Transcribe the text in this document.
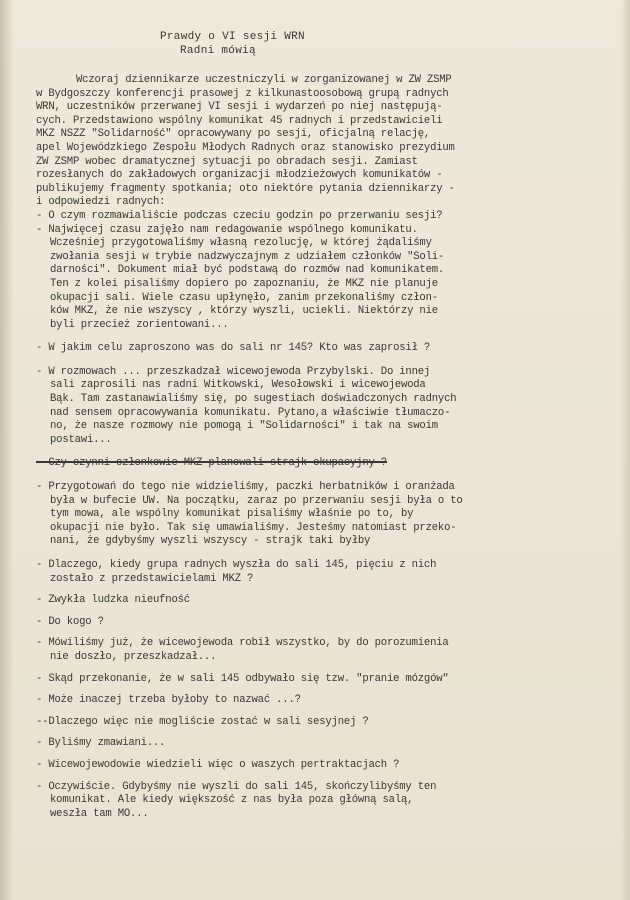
Prawdy o VI sesji WRN
Radni mówią
Wczoraj dziennikarze uczestniczyli w zorganizowanej w ZW ZSMP
w Bydgoszczy konferencji prasowej z kilkunastoosobową grupą radnych
WRN, uczestników przerwanej VI sesji i wydarzeń po niej następują-
cych. Przedstawiono wspólny komunikat 45 radnych i przedstawicieli
MKZ NSZZ "Solidarność" opracowywany po sesji, oficjalną relację,
apel Wojewódzkiego Zespołu Młodych Radnych oraz stanowisko prezydium
ZW ZSMP wobec dramatycznej sytuacji po obradach sesji. Zamiast
rozesłanych do zakładowych organizacji młodzieżowych komunikatów -
publikujemy fragmenty spotkania; oto niektóre pytania dziennikarzy -
i odpowiedzi radnych:
- O czym rozmawialiście podczas czeciu godzin po przerwaniu sesji?
- Najwięcej czasu zajęło nam redagowanie wspólnego komunikatu.
Wcześniej przygotowaliśmy własną rezolucję, w której żądaliśmy
zwołania sesji w trybie nadzwyczajnym z udziałem członków "Soli-
darności". Dokument miał być podstawą do rozmów nad komunikatem.
Ten z kolei pisaliśmy dopiero po zapoznaniu, że MKZ nie planuje
okupacji sali. Wiele czasu upłynęło, zanim przekonaliśmy człon-
ków MKZ, że nie wszyscy , którzy wyszli, uciekli. Niektórzy nie
byli przecież zorientowani...
- W jakim celu zaproszono was do sali nr 145? Kto was zaprosił ?
- W rozmowach ... przeszkadzał wicewojewoda Przybylski. Do innej
sali zaprosili nas radni Witkowski, Wesołowski i wicewojewoda
Bąk. Tam zastanawialiśmy się, po sugestiach doświadczonych radnych
nad sensem opracowywania komunikatu. Pytano,a właściwie tłumaczo-
no, że nasze rozmowy nie pomogą i "Solidarności" i tak na swoim
postawi...
- Czy czynni członkowie MKZ planowali strajk okupacyjny ?
- Przygotowań do tego nie widzieliśmy, paczki herbatników i oranżada
była w bufecie UW. Na początku, zaraz po przerwaniu sesji była o to
tym mowa, ale wspólny komunikat pisaliśmy właśnie po to, by
okupacji nie było. Tak się umawialiśmy. Jesteśmy natomiast przeko-
nani, że gdybyśmy wyszli wszyscy - strajk taki byłby
- Dlaczego, kiedy grupa radnych wyszła do sali 145, pięciu z nich
zostało z przedstawicielami MKZ ?
- Zwykła ludzka nieufność
- Do kogo ?
- Mówiliśmy już, że wicewojewoda robił wszystko, by do porozumienia
nie doszło, przeszkadzał...
- Skąd przekonanie, że w sali 145 odbywało się tzw. "pranie mózgów"
- Może inaczej trzeba byłoby to nazwać ...?
--Dlaczego więc nie mogliście zostać w sali sesyjnej ?
- Byliśmy zmawiani...
- Wicewojewodowie wiedzieli więc o waszych pertraktacjach ?
- Oczywiście. Gdybyśmy nie wyszli do sali 145, skończylibyśmy ten
komunikat. Ale kiedy większość z nas była poza główną salą,
weszła tam MO...
